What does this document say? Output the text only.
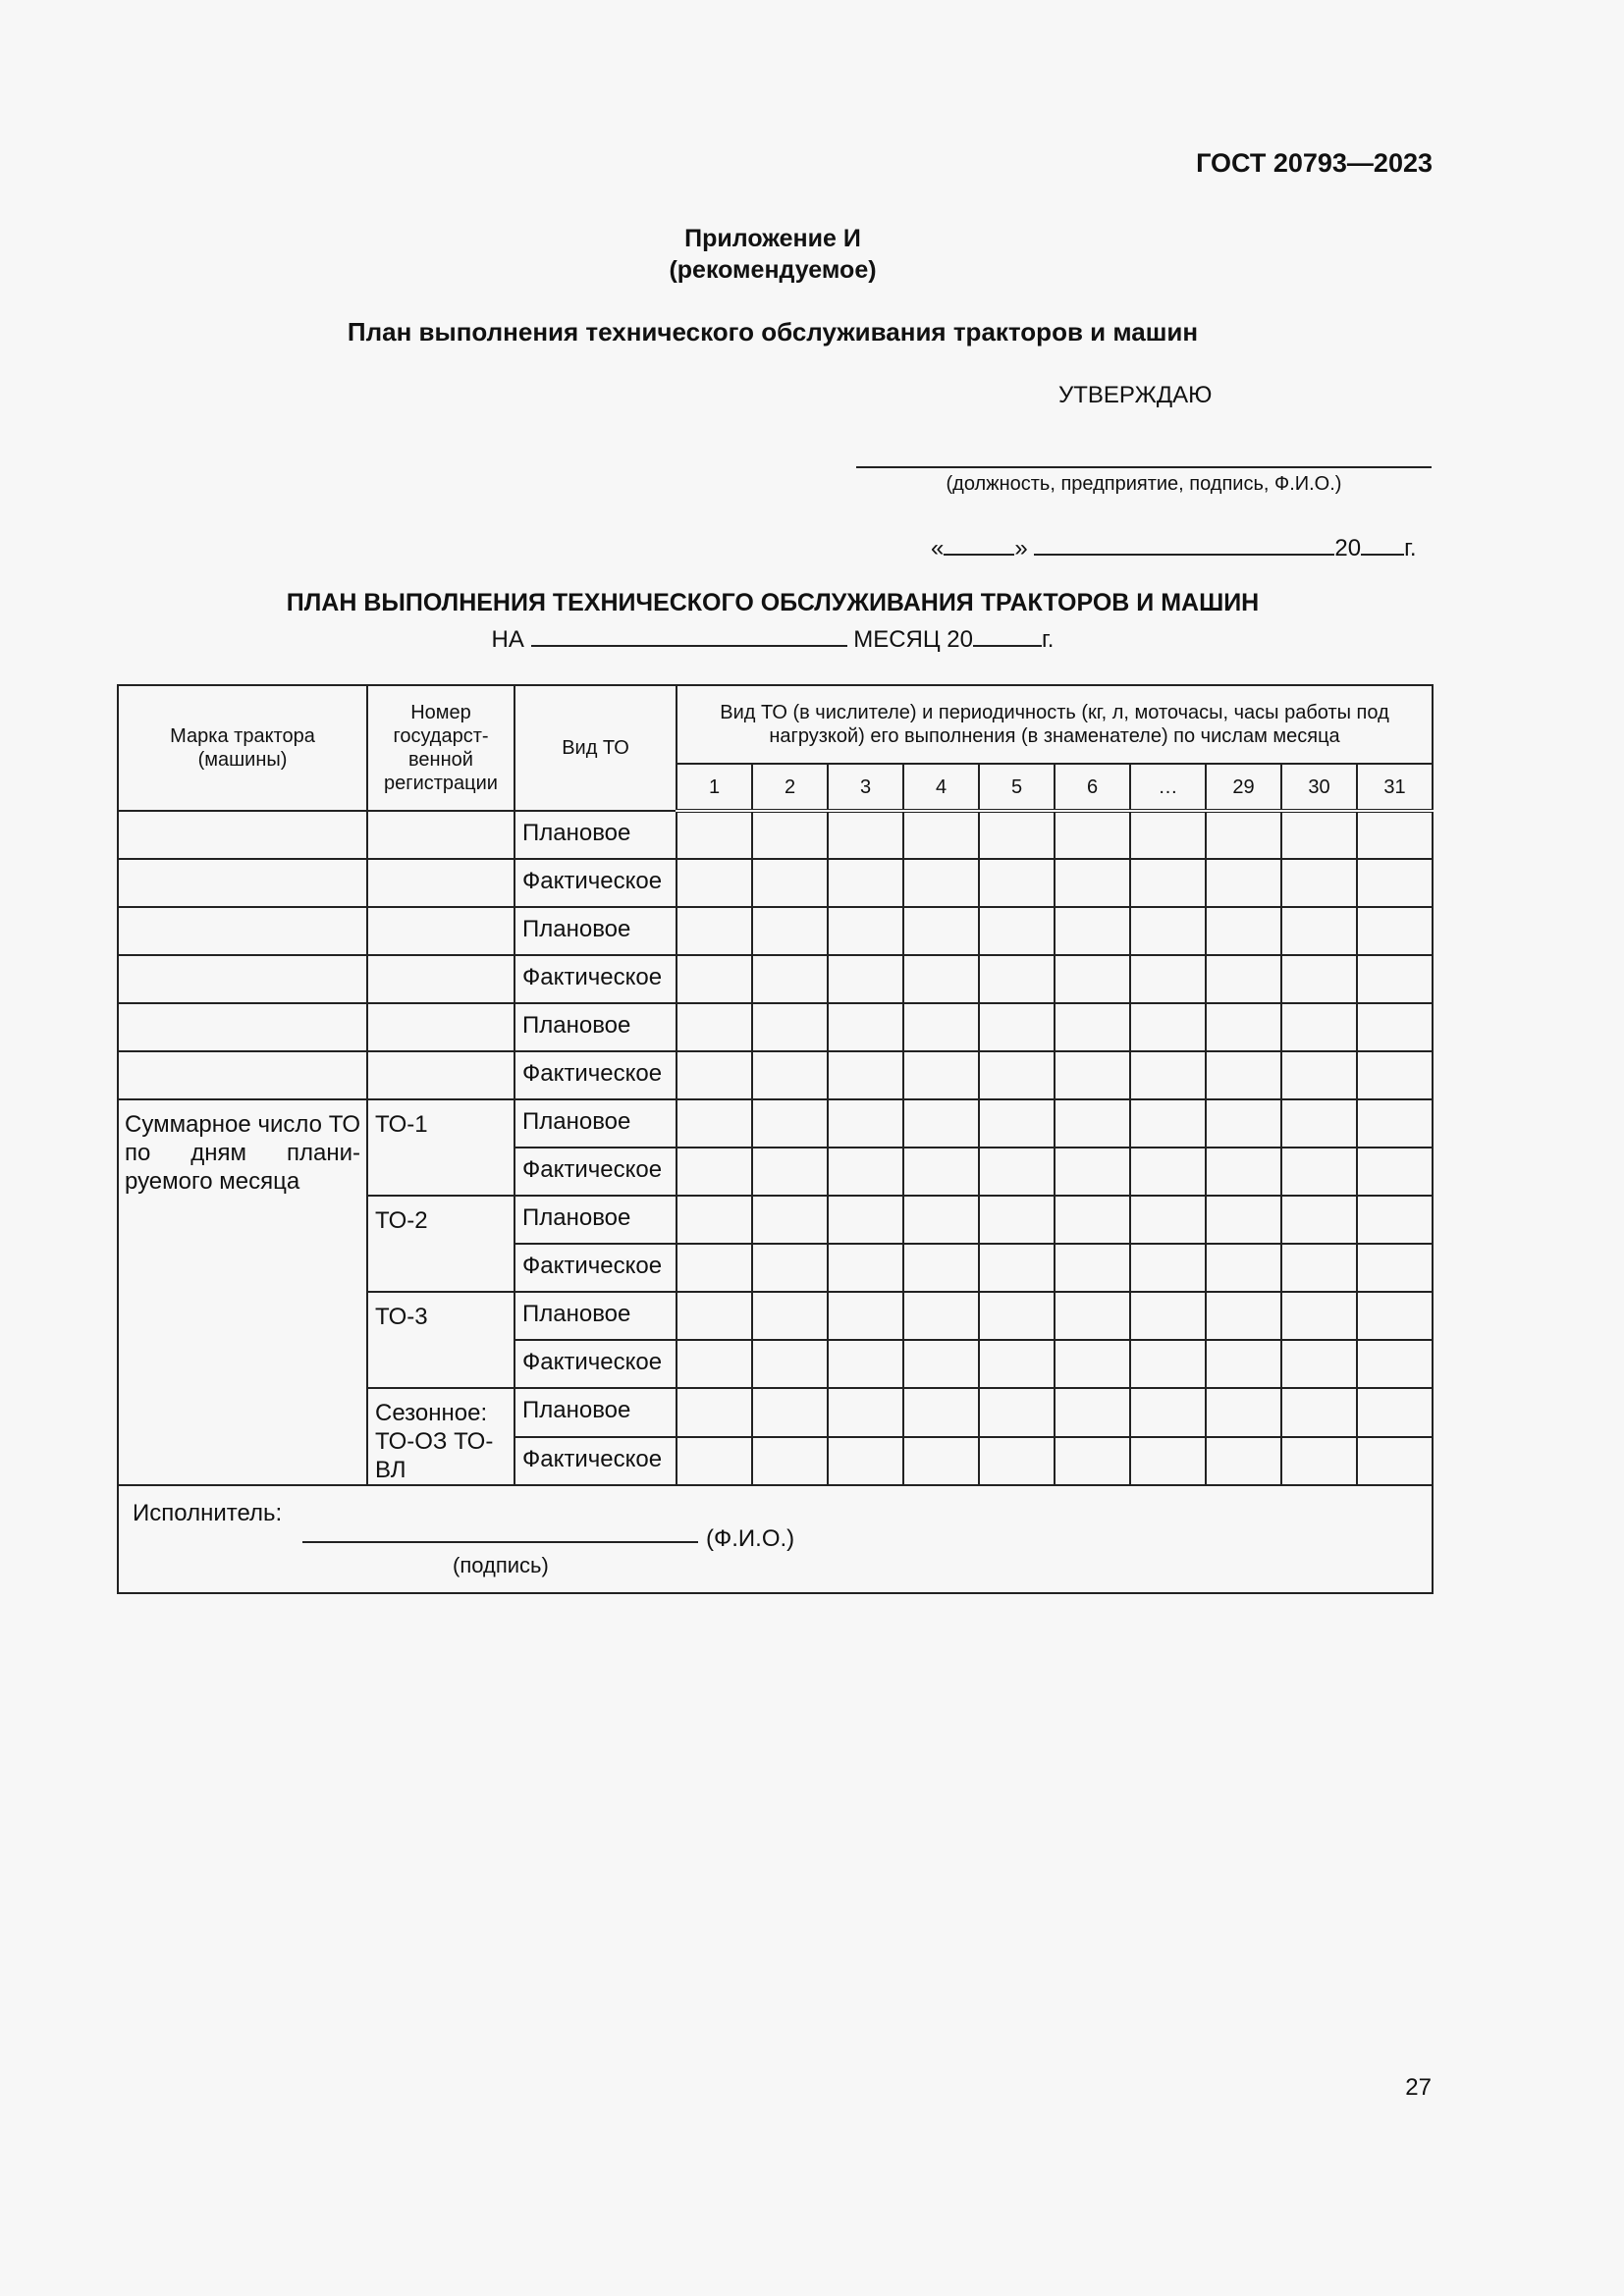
ГОСТ 20793—2023
Приложение И
(рекомендуемое)
План выполнения технического обслуживания тракторов и машин
УТВЕРЖДАЮ
(должность, предприятие, подпись, Ф.И.О.)
«	»	20 г.
ПЛАН ВЫПОЛНЕНИЯ ТЕХНИЧЕСКОГО ОБСЛУЖИВАНИЯ ТРАКТОРОВ И МАШИН
НА	МЕСЯЦ 20	г.
Марка трактора (машины)	Номер государст-венной регистрации	Вид ТО	Вид ТО (в числителе) и периодичность (кг, л, моточасы, часы работы под нагрузкой) его выполнения (в знаменателе) по числам месяца									
			1	2	3	4	5	6	…	29	30	31
		Плановое										
		Фактическое										
		Плановое										
		Фактическое										
		Плановое										
		Фактическое										
Суммарное число ТО по дням плани-руемого месяца	ТО-1	Плановое										
		Фактическое										
	ТО-2	Плановое										
		Фактическое										
	ТО-3	Плановое										
		Фактическое										
	Сезонное: ТО-ОЗ ТО-ВЛ	Плановое										
		Фактическое										

Исполнитель:
(Ф.И.О.)
(подпись)												
27
